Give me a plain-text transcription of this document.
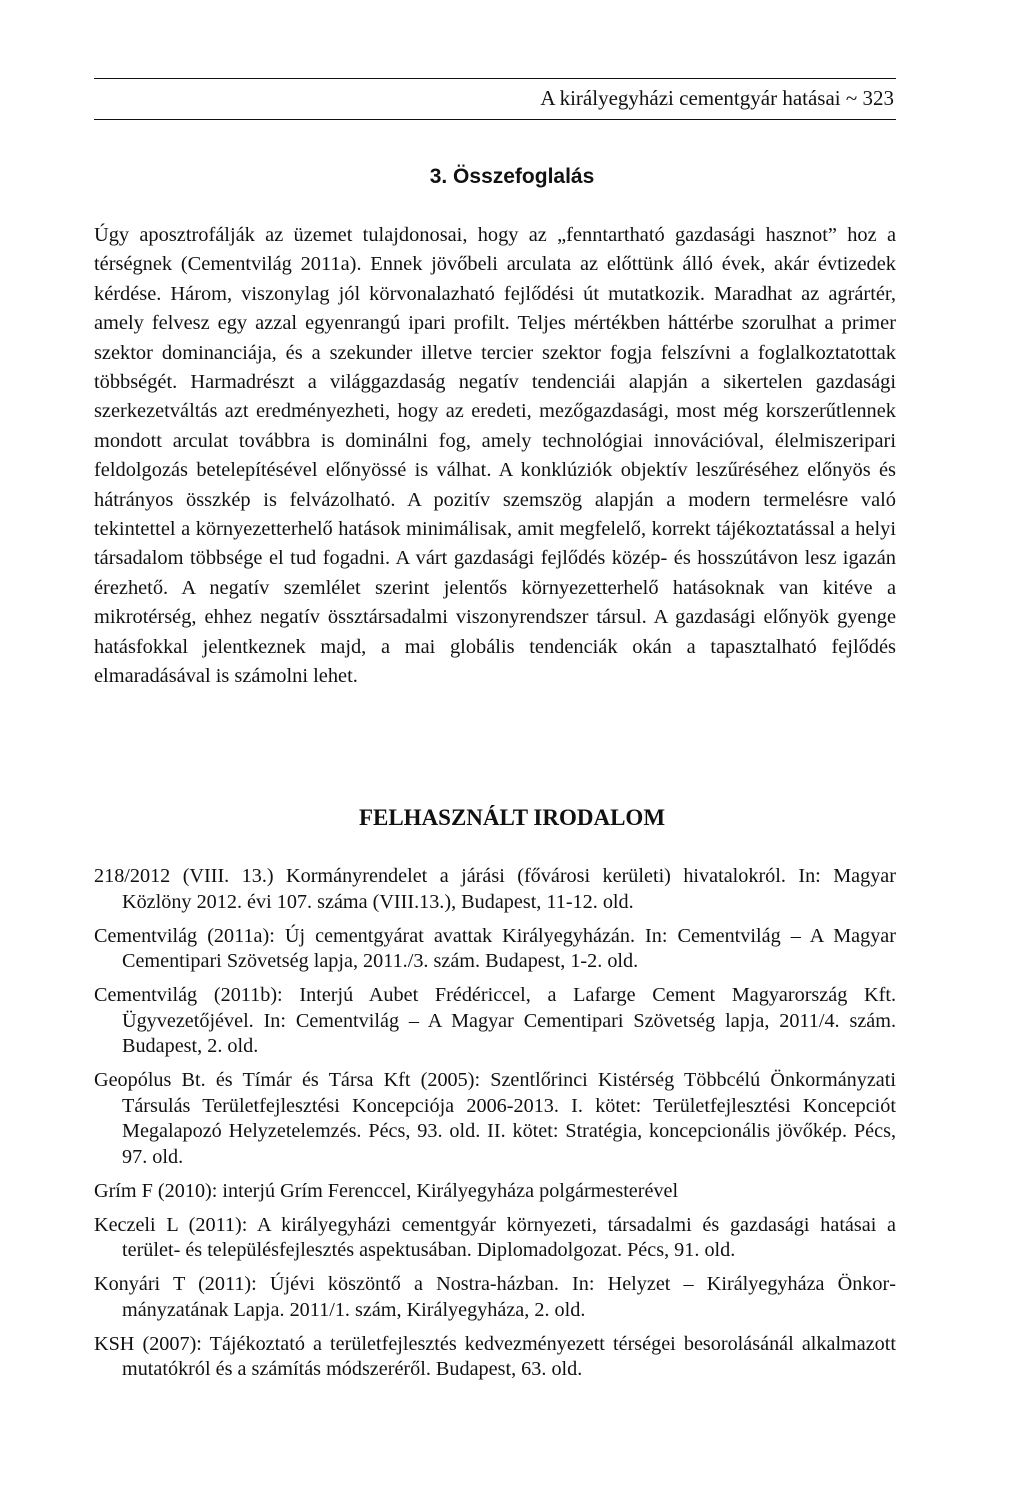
A királyegyházi cementgyár hatásai ~ 323
3. Összefoglalás

Úgy aposztrofálják az üzemet tulajdonosai, hogy az „fenntartható gazdasági hasznot” hoz a térségnek (Cementvilág 2011a). Ennek jövőbeli arculata az előttünk álló évek, akár évtizedek kérdése. Három, viszonylag jól körvonalazható fejlődési út mutatkozik. Maradhat az agrártér, amely felvesz egy azzal egyenrangú ipari profilt. Teljes mértékben háttérbe szorulhat a primer szektor dominanciája, és a szekunder illetve tercier szektor fogja felszívni a foglalkoztatottak többségét. Harmadrészt a világgazdaság negatív tendenciái alapján a sikertelen gazdasági szerkezetváltás azt eredményezheti, hogy az eredeti, mezőgazdasági, most még korszerűtlennek mondott arculat továbbra is dominálni fog, amely technológiai innovációval, élelmiszeripari feldolgozás betelepítésével előnyössé is válhat. A konklúziók objektív leszűréséhez előnyös és hátrányos összkép is felvázolható. A pozitív szemszög alapján a modern termelésre való tekintettel a környezetterhelő hatások minimálisak, amit megfelelő, korrekt tájékoztatással a helyi társadalom többsége el tud fogadni. A várt gazdasági fejlődés közép- és hosszútávon lesz igazán érezhető. A negatív szemlélet szerint jelentős környezetterhelő hatásoknak van kitéve a mikrotérség, ehhez negatív össztársadalmi viszonyrendszer társul. A gazdasági előnyök gyenge hatásfokkal jelentkeznek majd, a mai globális tendenciák okán a tapasztalható fejlődés elmaradásával is számolni lehet.

FELHASZNÁLT IRODALOM
218/2012 (VIII. 13.) Kormányrendelet a járási (fővárosi kerületi) hivatalokról. In: Magyar Közlöny 2012. évi 107. száma (VIII.13.), Budapest, 11-12. old.
Cementvilág (2011a): Új cementgyárat avattak Királyegyházán. In: Cementvilág – A Magyar Cementipari Szövetség lapja, 2011./3. szám. Budapest, 1-2. old.
Cementvilág (2011b): Interjú Aubet Frédériccel, a Lafarge Cement Magyarország Kft. Ügyvezetőjével. In: Cementvilág – A Magyar Cementipari Szövetség lapja, 2011/4. szám. Budapest, 2. old.
Geopólus Bt. és Tímár és Társa Kft (2005): Szentlőrinci Kistérség Többcélú Önkormányzati Társulás Területfejlesztési Koncepciója 2006-2013. I. kötet: Területfejlesztési Koncepciót Megalapozó Helyzetelemzés. Pécs, 93. old. II. kötet: Stratégia, koncepcionális jövőkép. Pécs, 97. old.
Grím F (2010): interjú Grím Ferenccel, Királyegyháza polgármesterével
Keczeli L (2011): A királyegyházi cementgyár környezeti, társadalmi és gazdasági hatásai a terület- és településfejlesztés aspektusában. Diplomadolgozat. Pécs, 91. old.
Konyári T (2011): Újévi köszöntő a Nostra-házban. In: Helyzet – Királyegyháza Önkormányzatának Lapja. 2011/1. szám, Királyegyháza, 2. old.
KSH (2007): Tájékoztató a területfejlesztés kedvezményezett térségei besorolásánál alkalmazott mutatókról és a számítás módszeréről. Budapest, 63. old.
